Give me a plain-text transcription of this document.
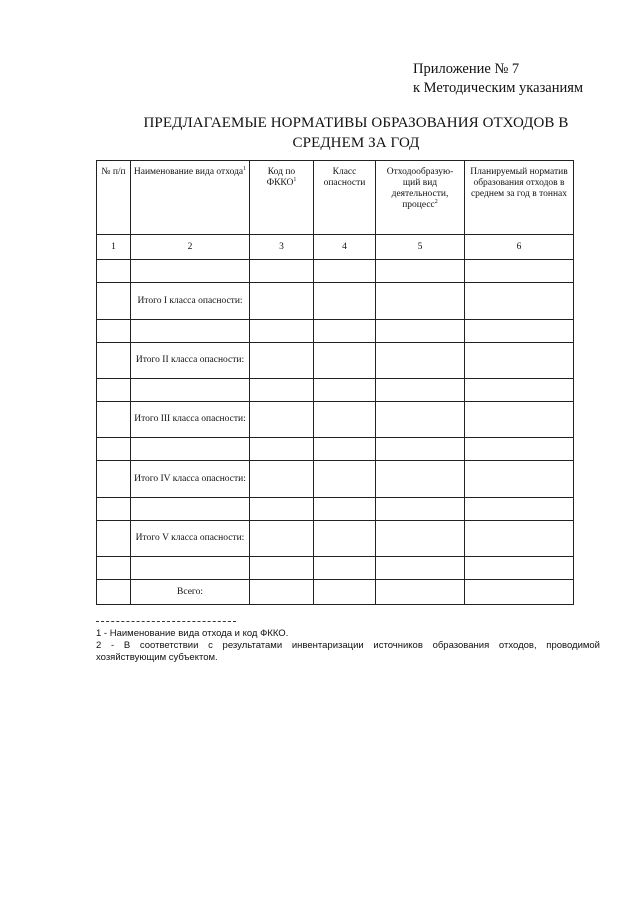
Приложение № 7
к Методическим указаниям
ПРЕДЛАГАЕМЫЕ НОРМАТИВЫ ОБРАЗОВАНИЯ ОТХОДОВ В
СРЕДНЕМ ЗА ГОД
№ п/п	Наименование вида отхода$^1$	Код по ФККО$^1$	Класс опасности	Отходообразую-щий вид деятельности, процесс$^2$	Планируемый норматив образования отходов в среднем за год в тоннах
1	2	3	4	5	6

	Итого I класса опасности:				

	Итого II класса опасности:				

	Итого III класса опасности:				

	Итого IV класса опасности:				

	Итого V класса опасности:				

	Всего:				

1 - Наименование вида отхода и код ФККО.

2 - В соответствии с результатами инвентаризации источников образования отходов, проводимой хозяйствующим субъектом.
